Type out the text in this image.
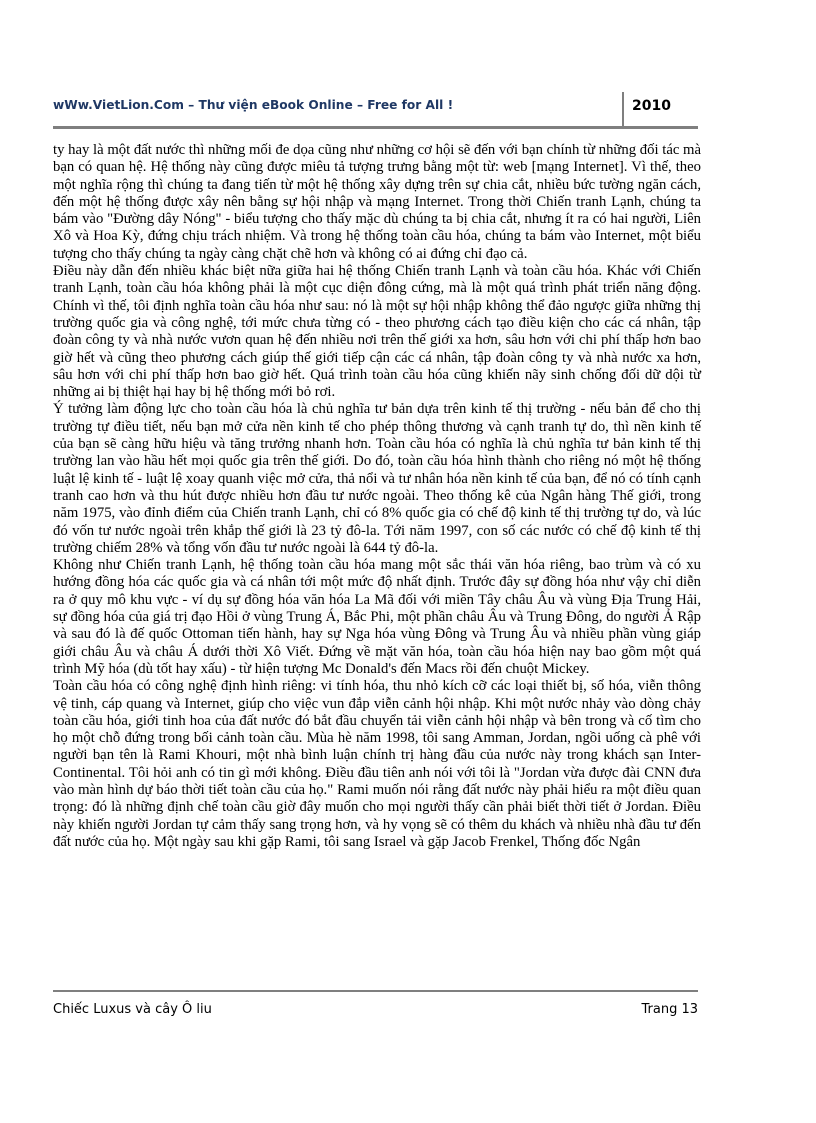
wWw.VietLion.Com – Thư viện eBook Online – Free for All !	2010

ty hay là một đất nước thì những mối đe dọa cũng như những cơ hội sẽ đến với bạn chính từ những đối tác mà bạn có quan hệ. Hệ thống này cũng được miêu tả tượng trưng bằng một từ: web [mạng Internet]. Vì thế, theo một nghĩa rộng thì chúng ta đang tiến từ một hệ thống xây dựng trên sự chia cắt, nhiều bức tường ngăn cách, đến một hệ thống được xây nên bằng sự hội nhập và mạng Internet. Trong thời Chiến tranh Lạnh, chúng ta bám vào "Đường dây Nóng" - biểu tượng cho thấy mặc dù chúng ta bị chia cắt, nhưng ít ra có hai người, Liên Xô và Hoa Kỳ, đứng chịu trách nhiệm. Và trong hệ thống toàn cầu hóa, chúng ta bám vào Internet, một biểu tượng cho thấy chúng ta ngày càng chặt chẽ hơn và không có ai đứng chỉ đạo cả.

Điều này dẫn đến nhiều khác biệt nữa giữa hai hệ thống Chiến tranh Lạnh và toàn cầu hóa. Khác với Chiến tranh Lạnh, toàn cầu hóa không phải là một cục diện đông cứng, mà là một quá trình phát triển năng động. Chính vì thế, tôi định nghĩa toàn cầu hóa như sau: nó là một sự hội nhập không thể đảo ngược giữa những thị trường quốc gia và công nghệ, tới mức chưa từng có - theo phương cách tạo điều kiện cho các cá nhân, tập đoàn công ty và nhà nước vươn quan hệ đến nhiều nơi trên thế giới xa hơn, sâu hơn với chi phí thấp hơn bao giờ hết và cũng theo phương cách giúp thế giới tiếp cận các cá nhân, tập đoàn công ty và nhà nước xa hơn, sâu hơn với chi phí thấp hơn bao giờ hết. Quá trình toàn cầu hóa cũng khiến nãy sinh chống đối dữ dội từ những ai bị thiệt hại hay bị hệ thống mới bỏ rơi.

Ý tưởng làm động lực cho toàn cầu hóa là chủ nghĩa tư bản dựa trên kinh tế thị trường - nếu bản để cho thị trường tự điều tiết, nếu bạn mở cửa nền kinh tế cho phép thông thương và cạnh tranh tự do, thì nền kinh tế của bạn sẽ càng hữu hiệu và tăng trưởng nhanh hơn. Toàn cầu hóa có nghĩa là chủ nghĩa tư bản kinh tế thị trường lan vào hầu hết mọi quốc gia trên thế giới. Do đó, toàn cầu hóa hình thành cho riêng nó một hệ thống luật lệ kinh tế - luật lệ xoay quanh việc mở cửa, thả nổi và tư nhân hóa nền kinh tế của bạn, để nó có tính cạnh tranh cao hơn và thu hút được nhiều hơn đầu tư nước ngoài. Theo thống kê của Ngân hàng Thế giới, trong năm 1975, vào đỉnh điểm của Chiến tranh Lạnh, chỉ có 8% quốc gia có chế độ kinh tế thị trường tự do, và lúc đó vốn tư nước ngoài trên khắp thế giới là 23 tỷ đô-la. Tới năm 1997, con số các nước có chế độ kinh tế thị trường chiếm 28% và tổng vốn đầu tư nước ngoài là 644 tỷ đô-la.

Không như Chiến tranh Lạnh, hệ thống toàn cầu hóa mang một sắc thái văn hóa riêng, bao trùm và có xu hướng đồng hóa các quốc gia và cá nhân tới một mức độ nhất định. Trước đây sự đồng hóa như vậy chỉ diễn ra ở quy mô khu vực - ví dụ sự đồng hóa văn hóa La Mã đối với miền Tây châu Âu và vùng Địa Trung Hải, sự đồng hóa của giá trị đạo Hồi ở vùng Trung Á, Bắc Phi, một phần châu Âu và Trung Đông, do người Ả Rập và sau đó là đế quốc Ottoman tiến hành, hay sự Nga hóa vùng Đông và Trung Âu và nhiều phần vùng giáp giới châu Âu và châu Á dưới thời Xô Viết. Đứng về mặt văn hóa, toàn cầu hóa hiện nay bao gồm một quá trình Mỹ hóa (dù tốt hay xấu) - từ hiện tượng Mc Donald's đến Macs rồi đến chuột Mickey.

Toàn cầu hóa có công nghệ định hình riêng: vi tính hóa, thu nhỏ kích cỡ các loại thiết bị, số hóa, viễn thông vệ tinh, cáp quang và Internet, giúp cho việc vun đắp viễn cảnh hội nhập. Khi một nước nhảy vào dòng chảy toàn cầu hóa, giới tinh hoa của đất nước đó bắt đầu chuyển tải viễn cảnh hội nhập và bên trong và cố tìm cho họ một chỗ đứng trong bối cảnh toàn cầu. Mùa hè năm 1998, tôi sang Amman, Jordan, ngồi uống cà phê với người bạn tên là Rami Khouri, một nhà bình luận chính trị hàng đầu của nước này trong khách sạn Inter-Continental. Tôi hỏi anh có tin gì mới không. Điều đầu tiên anh nói với tôi là "Jordan vừa được đài CNN đưa vào màn hình dự báo thời tiết toàn cầu của họ." Rami muốn nói rằng đất nước này phải hiểu ra một điều quan trọng: đó là những định chế toàn cầu giờ đây muốn cho mọi người thấy cần phải biết thời tiết ở Jordan. Điều này khiến người Jordan tự cảm thấy sang trọng hơn, và hy vọng sẽ có thêm du khách và nhiều nhà đầu tư đến đất nước của họ. Một ngày sau khi gặp Rami, tôi sang Israel và gặp Jacob Frenkel, Thống đốc Ngân

Chiếc Luxus và cây Ô liu	Trang 13
